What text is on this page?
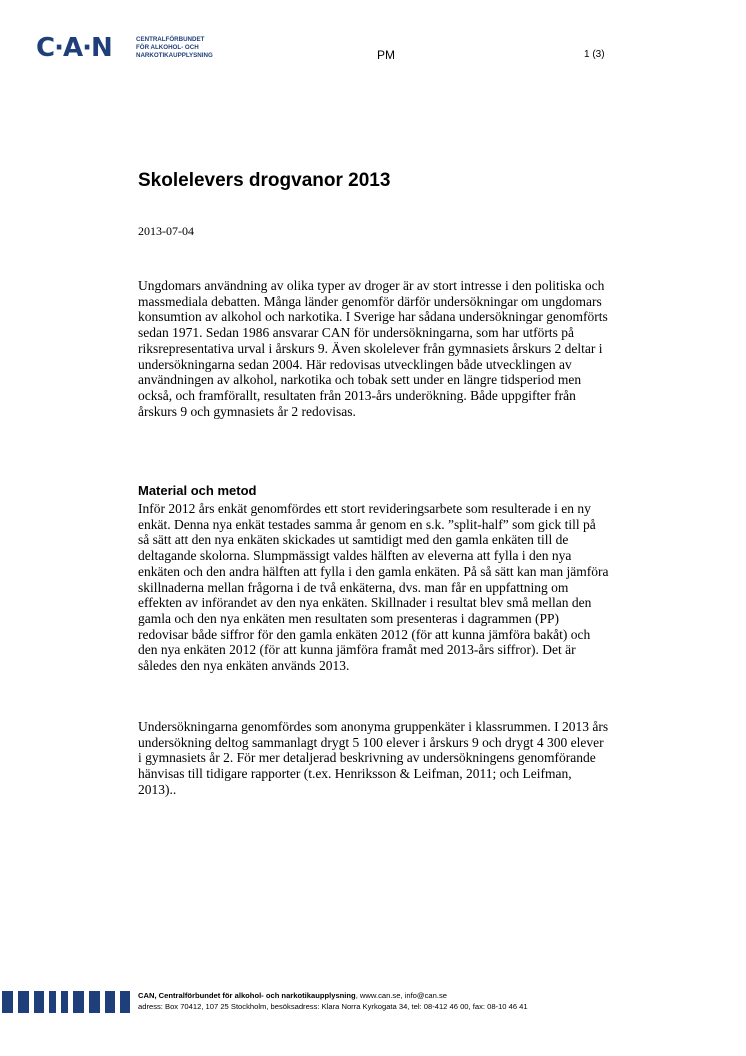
C·A·N	CENTRALFÖRBUNDET
FÖR ALKOHOL- OCH
NARKOTIKAUPPLYSNING	PM	1 (3)
Skolelevers drogvanor 2013
2013-07-04

Ungdomars användning av olika typer av droger är av stort intresse i den politiska och massmediala debatten. Många länder genomför därför undersökningar om ungdomars konsumtion av alkohol och narkotika. I Sverige har sådana undersökningar genomförts sedan 1971. Sedan 1986 ansvarar CAN för undersökningarna, som har utförts på riksrepresentativa urval i årskurs 9. Även skolelever från gymnasiets årskurs 2 deltar i undersökningarna sedan 2004. Här redovisas utvecklingen både utvecklingen av användningen av alkohol, narkotika och tobak sett under en längre tidsperiod men också, och framförallt, resultaten från 2013-års underökning. Både uppgifter från årskurs 9 och gymnasiets år 2 redovisas.

Material och metod

Inför 2012 års enkät genomfördes ett stort revideringsarbete som resulterade i en ny enkät. Denna nya enkät testades samma år genom en s.k. ”split-half” som gick till på så sätt att den nya enkäten skickades ut samtidigt med den gamla enkäten till de deltagande skolorna. Slumpmässigt valdes hälften av eleverna att fylla i den nya enkäten och den andra hälften att fylla i den gamla enkäten. På så sätt kan man jämföra skillnaderna mellan frågorna i de två enkäterna, dvs. man får en uppfattning om effekten av införandet av den nya enkäten. Skillnader i resultat blev små mellan den gamla och den nya enkäten men resultaten som presenteras i dagrammen (PP) redovisar både siffror för den gamla enkäten 2012 (för att kunna jämföra bakåt) och den nya enkäten 2012 (för att kunna jämföra framåt med 2013-års siffror). Det är således den nya enkäten används 2013.

Undersökningarna genomfördes som anonyma gruppenkäter i klassrummen. I 2013 års undersökning deltog sammanlagt drygt 5 100 elever i årskurs 9 och drygt 4 300 elever i gymnasiets år 2. För mer detaljerad beskrivning av undersökningens genomförande hänvisas till tidigare rapporter (t.ex. Henriksson & Leifman, 2011; och Leifman, 2013)..

CAN, Centralförbundet för alkohol- och narkotikaupplysning, www.can.se, info@can.se
adress: Box 70412, 107 25 Stockholm, besöksadress: Klara Norra Kyrkogata 34, tel: 08-412 46 00, fax: 08-10 46 41
